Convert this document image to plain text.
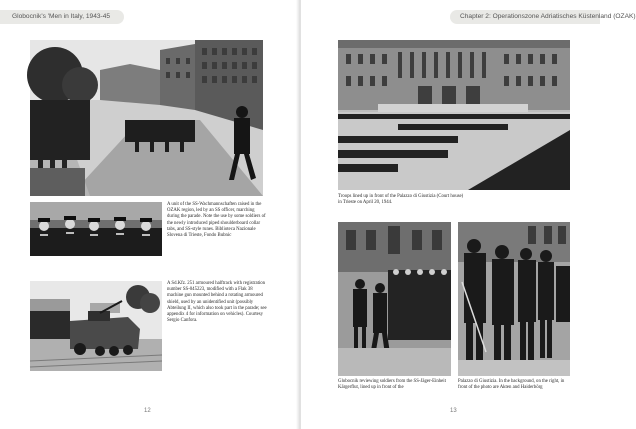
Globocnik's 'Men in Italy, 1943-45
A unit of the SS-Wachmannschaften raised in the OZAK region, led by an SS officer, marching during the parade. Note the use by some soldiers of the newly introduced piped shoulderboard collar tabs, and SS-style runes. Biblioteca Nazionale Slovena di Trieste, Fondo Bubnic
A Sd.Kfz. 251 armoured halftrack with registration number SS-045223, modified with a Flak 38 machine gun mounted behind a rotating armoured shield, used by an unidentified unit (possibly Abteilung II, which also took part in the parade; see appendix 4 for information on vehicles). Courtesy Sergio Canfora.
12
Chapter 2: Operationszone Adriatisches Küstenland (OZAK)
Troops lined up in front of the Palazzo di Giustizia (Court house) in Trieste on April 20, 1944.
Globocnik reviewing soldiers from the SS-Jäger-Einheit Kärgerflut, lined up in front of the
Palazzo di Giustizia. In the background, on the right, in front of the photo are Akten and Haiderbörg
13
